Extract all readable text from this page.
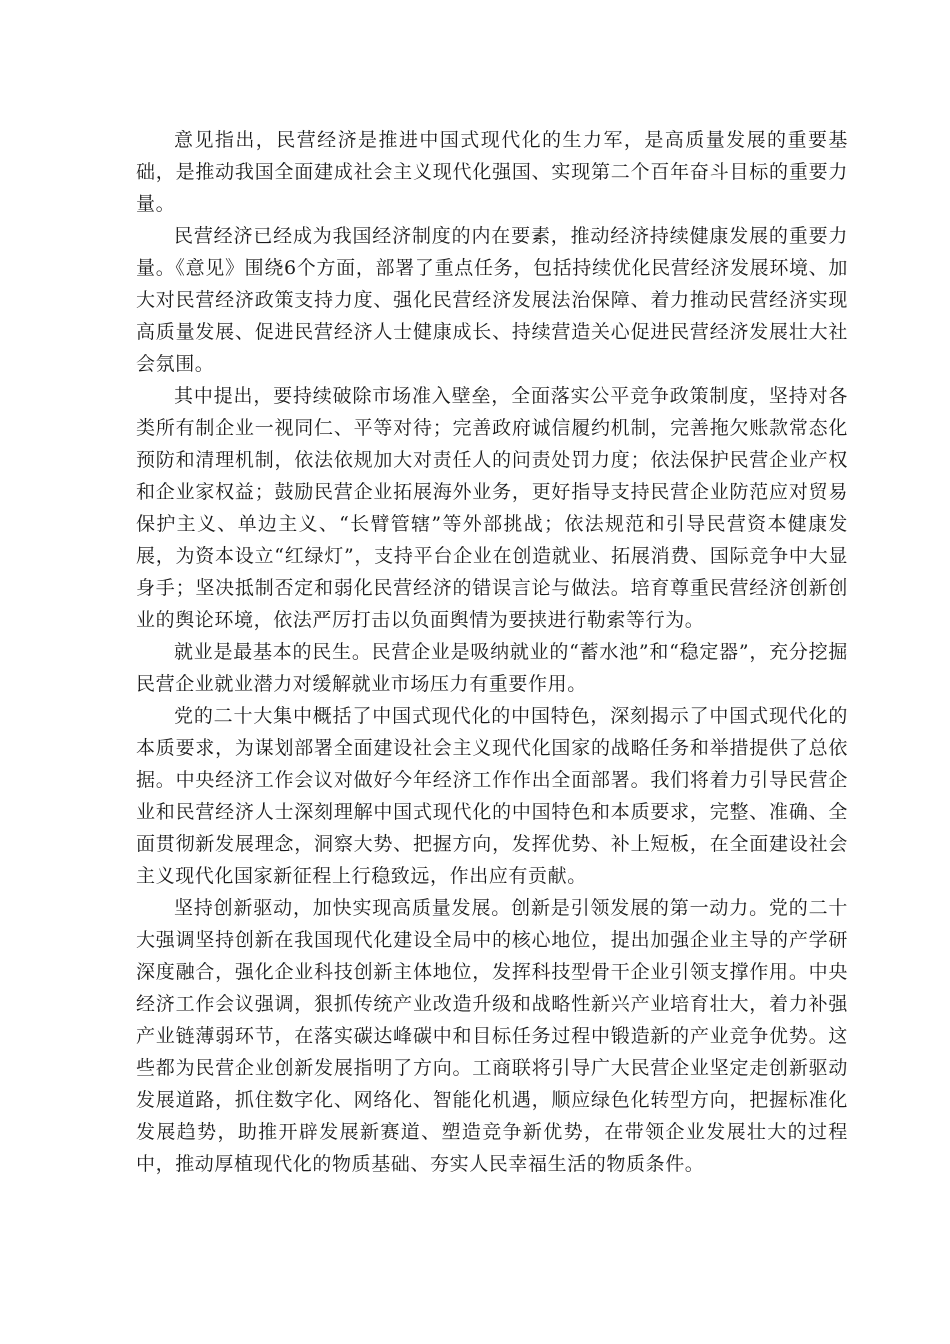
意见指出，民营经济是推进中国式现代化的生力军，是高质量发展的重要基础，是推动我国全面建成社会主义现代化强国、实现第二个百年奋斗目标的重要力量。

民营经济已经成为我国经济制度的内在要素，推动经济持续健康发展的重要力量。《意见》围绕6个方面，部署了重点任务，包括持续优化民营经济发展环境、加大对民营经济政策支持力度、强化民营经济发展法治保障、着力推动民营经济实现高质量发展、促进民营经济人士健康成长、持续营造关心促进民营经济发展壮大社会氛围。

其中提出，要持续破除市场准入壁垒，全面落实公平竞争政策制度，坚持对各类所有制企业一视同仁、平等对待；完善政府诚信履约机制，完善拖欠账款常态化预防和清理机制，依法依规加大对责任人的问责处罚力度；依法保护民营企业产权和企业家权益；鼓励民营企业拓展海外业务，更好指导支持民营企业防范应对贸易保护主义、单边主义、“长臂管辖”等外部挑战；依法规范和引导民营资本健康发展，为资本设立“红绿灯”，支持平台企业在创造就业、拓展消费、国际竞争中大显身手；坚决抵制否定和弱化民营经济的错误言论与做法。培育尊重民营经济创新创业的舆论环境，依法严厉打击以负面舆情为要挟进行勒索等行为。

就业是最基本的民生。民营企业是吸纳就业的“蓄水池”和“稳定器”，充分挖掘民营企业就业潜力对缓解就业市场压力有重要作用。

党的二十大集中概括了中国式现代化的中国特色，深刻揭示了中国式现代化的本质要求，为谋划部署全面建设社会主义现代化国家的战略任务和举措提供了总依据。中央经济工作会议对做好今年经济工作作出全面部署。我们将着力引导民营企业和民营经济人士深刻理解中国式现代化的中国特色和本质要求，完整、准确、全面贯彻新发展理念，洞察大势、把握方向，发挥优势、补上短板，在全面建设社会主义现代化国家新征程上行稳致远，作出应有贡献。

坚持创新驱动，加快实现高质量发展。创新是引领发展的第一动力。党的二十大强调坚持创新在我国现代化建设全局中的核心地位，提出加强企业主导的产学研深度融合，强化企业科技创新主体地位，发挥科技型骨干企业引领支撑作用。中央经济工作会议强调，狠抓传统产业改造升级和战略性新兴产业培育壮大，着力补强产业链薄弱环节，在落实碳达峰碳中和目标任务过程中锻造新的产业竞争优势。这些都为民营企业创新发展指明了方向。工商联将引导广大民营企业坚定走创新驱动发展道路，抓住数字化、网络化、智能化机遇，顺应绿色化转型方向，把握标准化发展趋势，助推开辟发展新赛道、塑造竞争新优势，在带领企业发展壮大的过程中，推动厚植现代化的物质基础、夯实人民幸福生活的物质条件。
